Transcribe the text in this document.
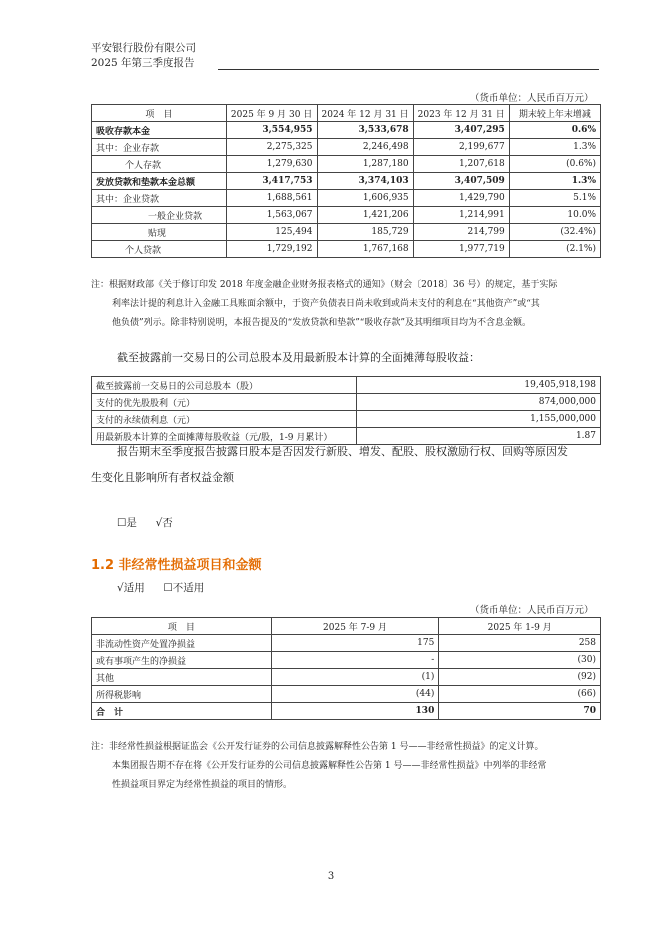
平安银行股份有限公司
2025 年第三季度报告
（货币单位：人民币百万元）
项　目	2025 年 9 月 30 日	2024 年 12 月 31 日	2023 年 12 月 31 日	期末较上年末增减
吸收存款本金	3,554,955	3,533,678	3,407,295	0.6%
其中：企业存款	2,275,325	2,246,498	2,199,677	1.3%
个人存款	1,279,630	1,287,180	1,207,618	(0.6%)
发放贷款和垫款本金总额	3,417,753	3,374,103	3,407,509	1.3%
其中：企业贷款	1,688,561	1,606,935	1,429,790	5.1%
一般企业贷款	1,563,067	1,421,206	1,214,991	10.0%
贴现	125,494	185,729	214,799	(32.4%)
个人贷款	1,729,192	1,767,168	1,977,719	(2.1%)
注：根据财政部《关于修订印发 2018 年度金融企业财务报表格式的通知》（财会〔2018〕36 号）的规定，基于实际
利率法计提的利息计入金融工具账面余额中，于资产负债表日尚未收到或尚未支付的利息在“其他资产”或“其
他负债”列示。除非特别说明，本报告提及的“发放贷款和垫款”“吸收存款”及其明细项目均为不含息金额。
截至披露前一交易日的公司总股本及用最新股本计算的全面摊薄每股收益：
截至披露前一交易日的公司总股本（股）	19,405,918,198
支付的优先股股利（元）	874,000,000
支付的永续债利息（元）	1,155,000,000
用最新股本计算的全面摊薄每股收益（元/股，1-9 月累计）	1.87
报告期末至季度报告披露日股本是否因发行新股、增发、配股、股权激励行权、回购等原因发
生变化且影响所有者权益金额
☐是 √否
1.2 非经常性损益项目和金额
√适用 ☐不适用
（货币单位：人民币百万元）
项　目	2025 年 7-9 月	2025 年 1-9 月
非流动性资产处置净损益	175	258
或有事项产生的净损益	-	(30)
其他	(1)	(92)
所得税影响	(44)	(66)
合　计	130	70
注：非经常性损益根据证监会《公开发行证券的公司信息披露解释性公告第 1 号——非经常性损益》的定义计算。
本集团报告期不存在将《公开发行证券的公司信息披露解释性公告第 1 号——非经常性损益》中列举的非经常
性损益项目界定为经常性损益的项目的情形。
3
